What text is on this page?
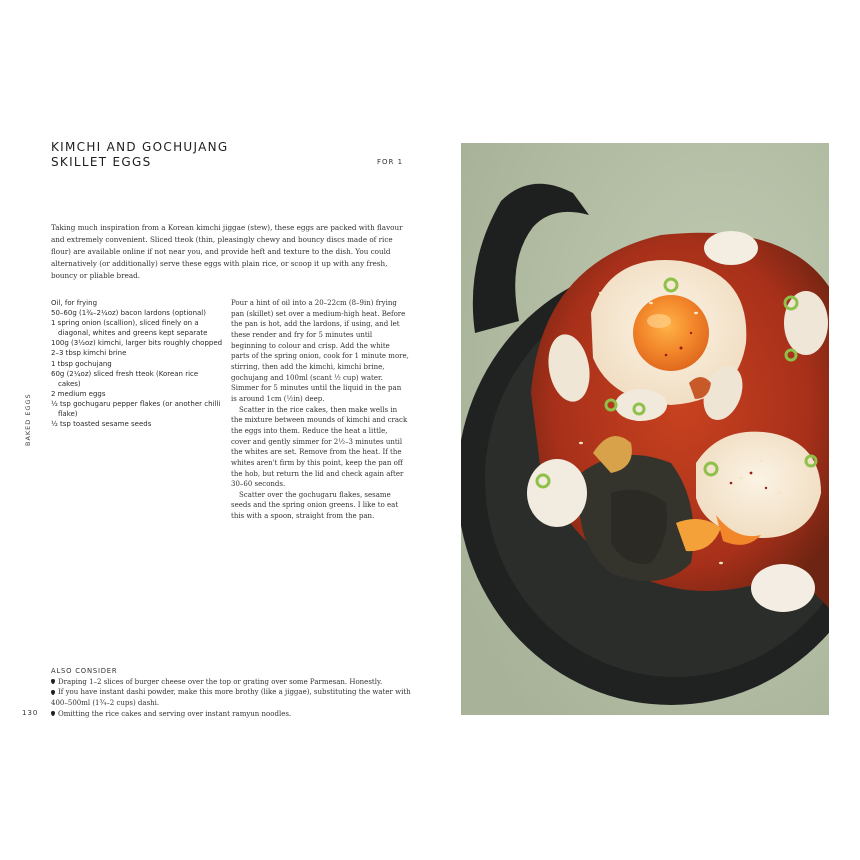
KIMCHI AND GOCHUJANG
SKILLET EGGS	FOR 1
Taking much inspiration from a Korean kimchi jiggae (stew), these eggs are packed with flavour and extremely convenient. Sliced tteok (thin, pleasingly chewy and bouncy discs made of rice flour) are available online if not near you, and provide heft and texture to the dish. You could alternatively (or additionally) serve these eggs with plain rice, or scoop it up with any fresh, bouncy or pliable bread.
BAKED EGGS
Oil, for frying
50–60g (1¾–2¼oz) bacon lardons (optional)
1 spring onion (scallion), sliced finely on a diagonal, whites and greens kept separate
100g (3½oz) kimchi, larger bits roughly chopped
2–3 tbsp kimchi brine
1 tbsp gochujang
60g (2¼oz) sliced fresh tteok (Korean rice cakes)
2 medium eggs
½ tsp gochugaru pepper flakes (or another chilli flake)
½ tsp toasted sesame seeds

Pour a hint of oil into a 20–22cm (8–9in) frying pan (skillet) set over a medium-high heat. Before the pan is hot, add the lardons, if using, and let these render and fry for 5 minutes until beginning to colour and crisp. Add the white parts of the spring onion, cook for 1 minute more, stirring, then add the kimchi, kimchi brine, gochujang and 100ml (scant ½ cup) water. Simmer for 5 minutes until the liquid in the pan is around 1cm (½in) deep.

Scatter in the rice cakes, then make wells in the mixture between mounds of kimchi and crack the eggs into them. Reduce the heat a little, cover and gently simmer for 2½–3 minutes until the whites are set. Remove from the heat. If the whites aren't firm by this point, keep the pan off the hob, but return the lid and check again after 30–60 seconds.

Scatter over the gochugaru flakes, sesame seeds and the spring onion greens. I like to eat this with a spoon, straight from the pan.

ALSO CONSIDER
Draping 1–2 slices of burger cheese over the top or grating over some Parmesan. Honestly.
If you have instant dashi powder, make this more brothy (like a jiggae), substituting the water with 400–500ml (1¾–2 cups) dashi.
Omitting the rice cakes and serving over instant ramyun noodles.
130
